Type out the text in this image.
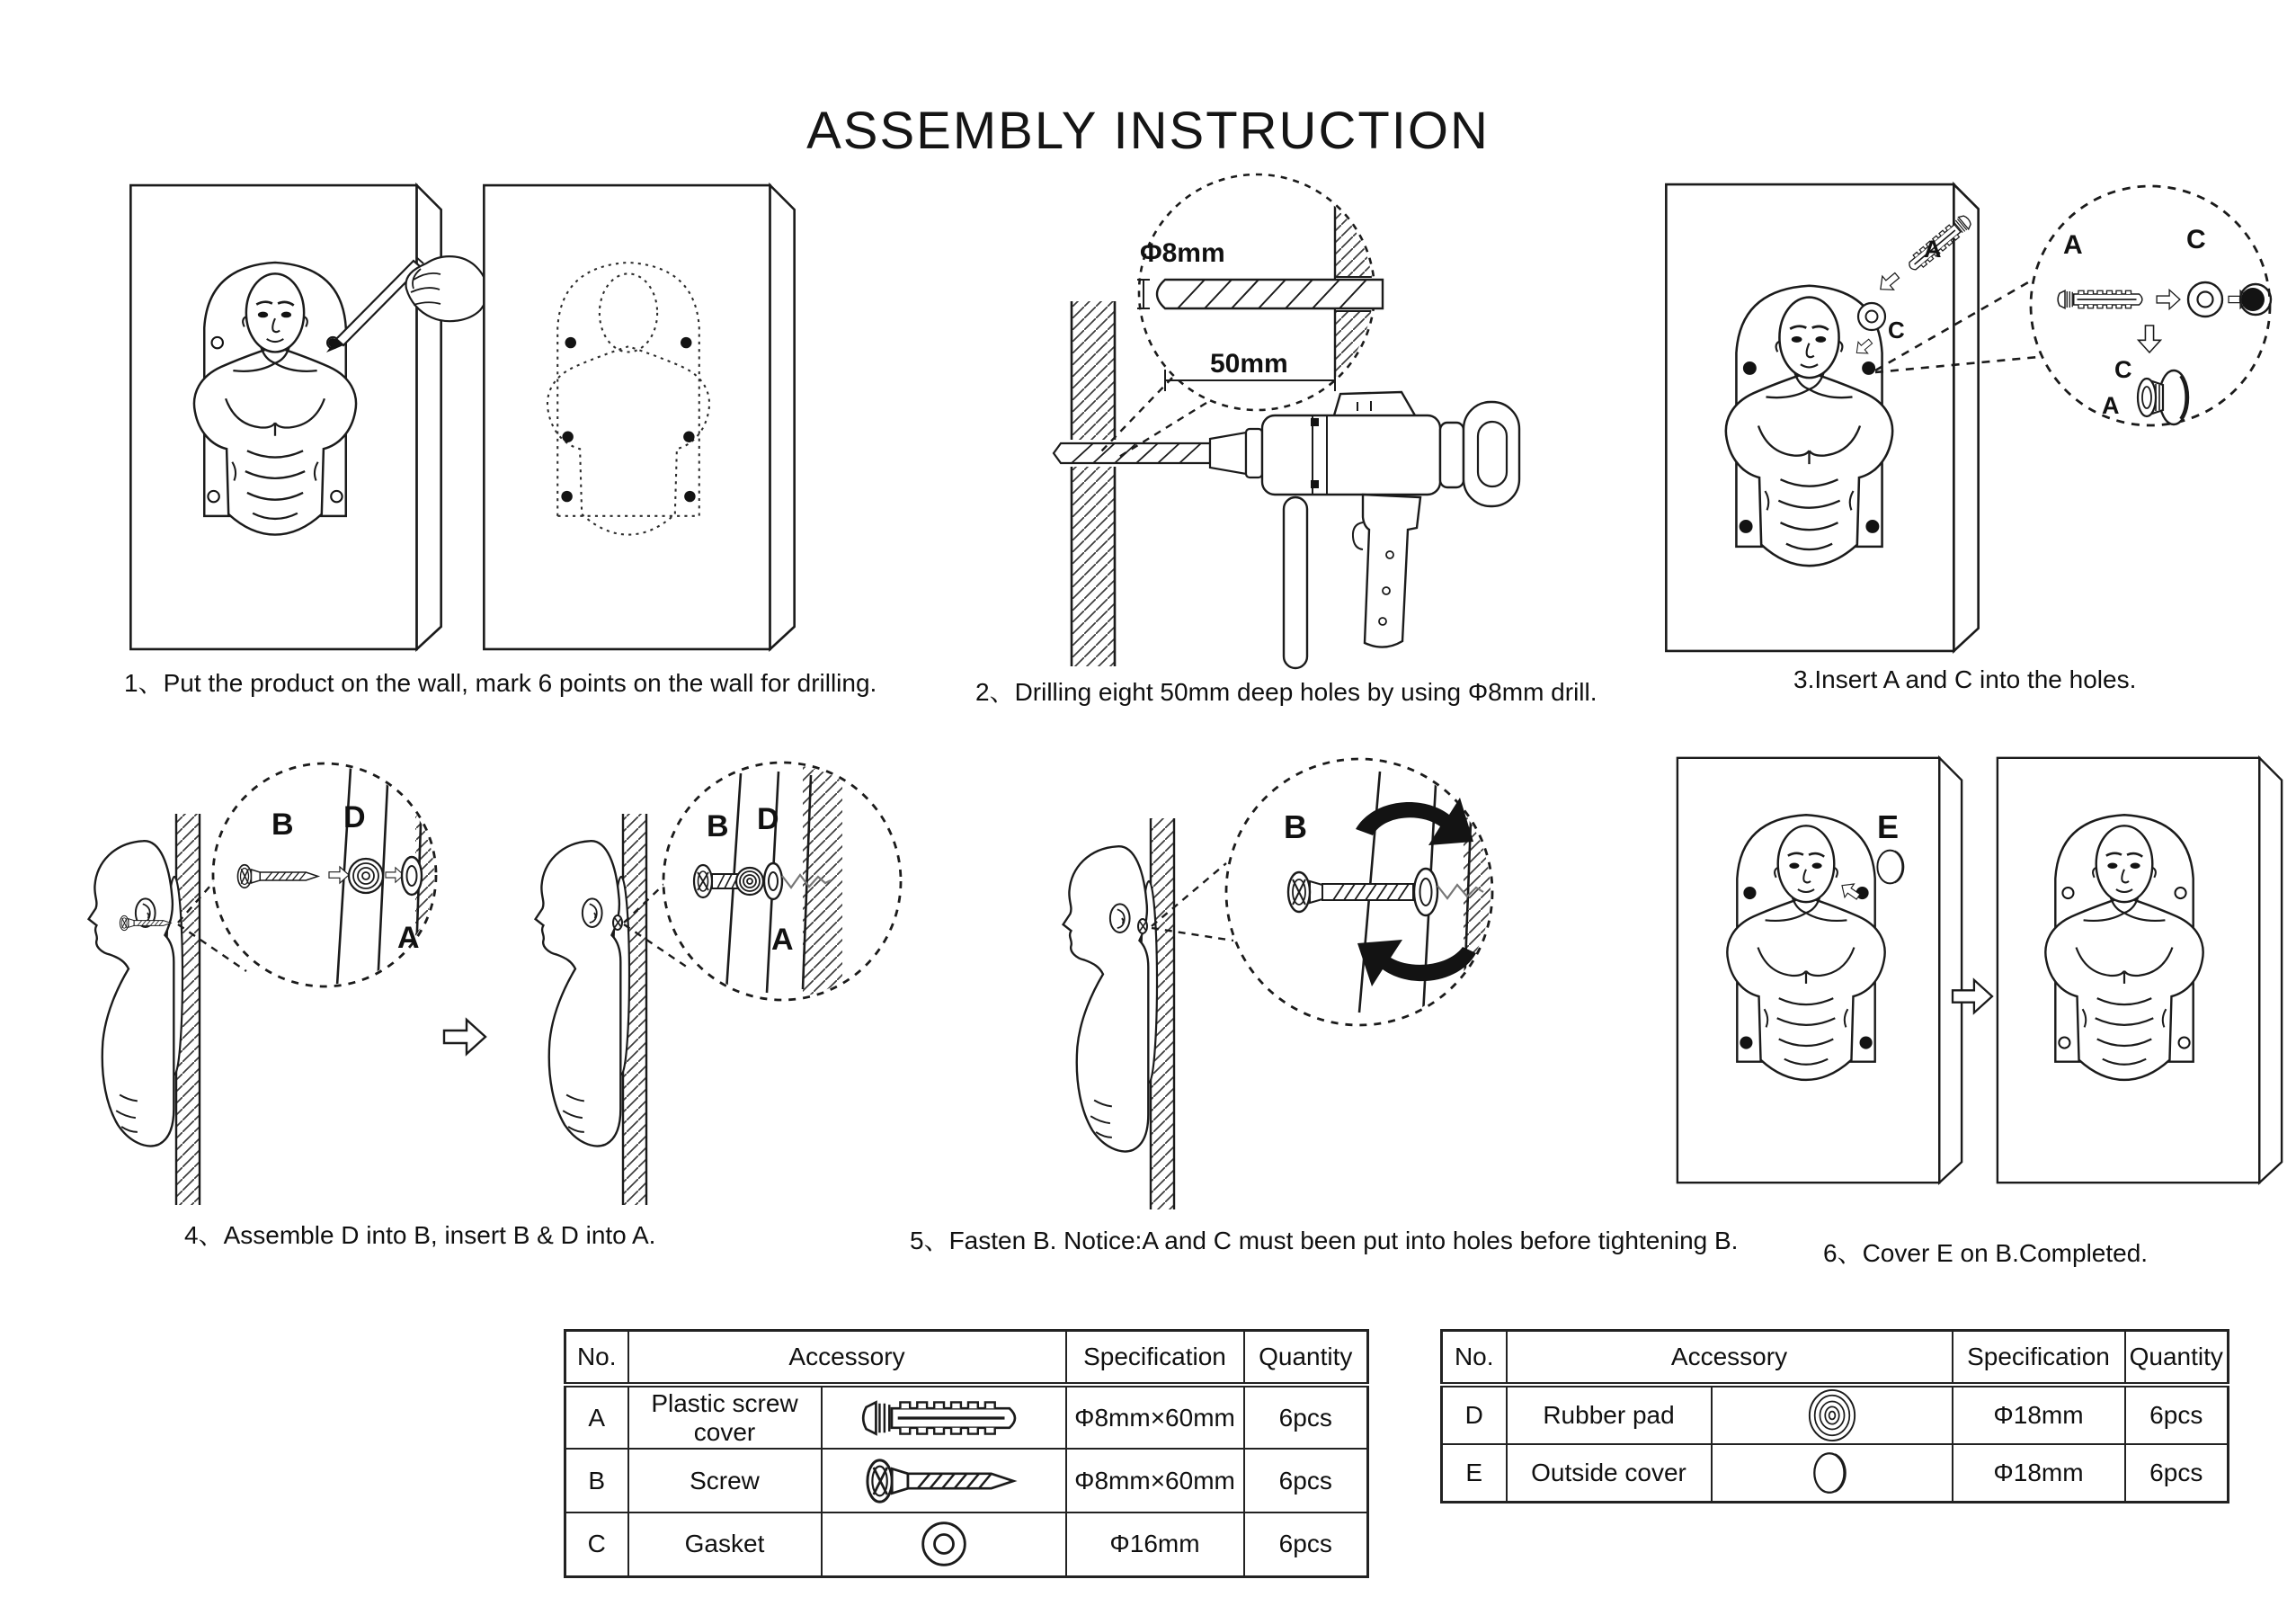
ASSEMBLY INSTRUCTION
1、Put the product on the wall, mark 6 points on the wall for drilling.
Φ8mm
50mm
2、Drilling eight 50mm deep holes by using Φ8mm drill.
A
C
A	C
C
A
3.Insert A and C into the holes.
B D
A
B D
A
4、Assemble D into B, insert B & D into A.
B
5、Fasten B. Notice:A and C must been put into holes before tightening B.
E
6、Cover E on B.Completed.
No.	Accessory		Specification	Quantity
A	Plastic screw cover		Φ8mm×60mm	6pcs
B	Screw		Φ8mm×60mm	6pcs
C	Gasket		Φ16mm	6pcs
No.	Accessory		Specification	Quantity
D	Rubber pad		Φ18mm	6pcs
E	Outside cover		Φ18mm	6pcs
